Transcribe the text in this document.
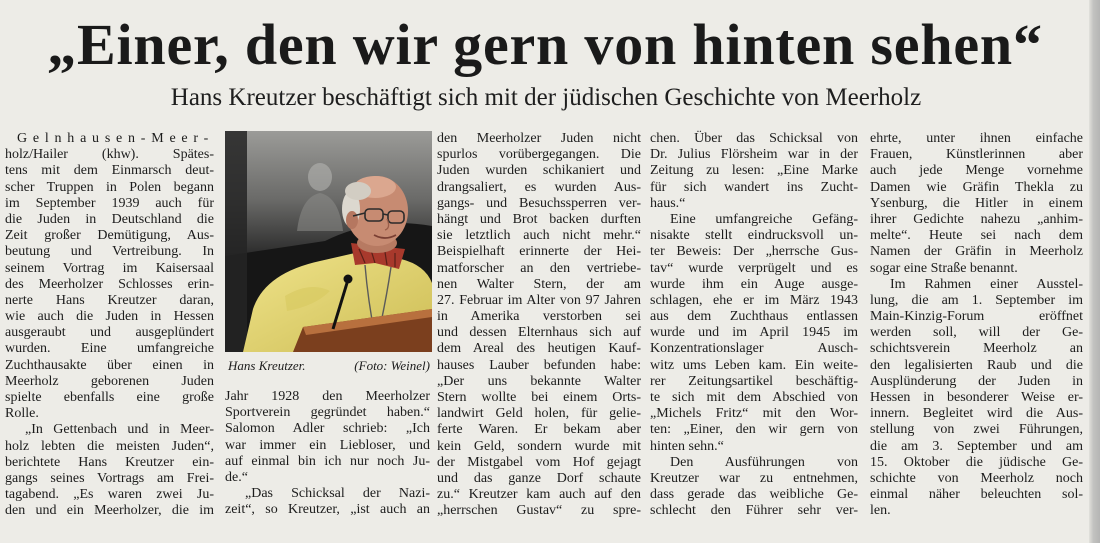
„Einer, den wir gern von hinten sehen“
Hans Kreutzer beschäftigt sich mit der jüdischen Geschichte von Meerholz
Hans Kreutzer.	(Foto: Weinel)
Gelnhausen-Meer-
holz/Hailer (khw). Spätes-
tens mit dem Einmarsch deut-
scher Truppen in Polen begann
im September 1939 auch für
die Juden in Deutschland die
Zeit großer Demütigung, Aus-
beutung und Vertreibung. In
seinem Vortrag im Kaisersaal
des Meerholzer Schlosses erin-
nerte Hans Kreutzer daran,
wie auch die Juden in Hessen
ausgeraubt und ausgeplündert
wurden. Eine umfangreiche
Zuchthausakte über einen in
Meerholz geborenen Juden
spielte ebenfalls eine große
Rolle.
„In Gettenbach und in Meer-
holz lebten die meisten Juden“,
berichtete Hans Kreutzer ein-
gangs seines Vortrags am Frei-
tagabend. „Es waren zwei Ju-
den und ein Meerholzer, die im
Jahr 1928 den Meerholzer
Sportverein gegründet haben.“
Salomon Adler schrieb: „Ich
war immer ein Liebloser, und
auf einmal bin ich nur noch Ju-
de.“
„Das Schicksal der Nazi-
zeit“, so Kreutzer, „ist auch an
den Meerholzer Juden nicht
spurlos vorübergegangen. Die
Juden wurden schikaniert und
drangsaliert, es wurden Aus-
gangs- und Besuchssperren ver-
hängt und Brot backen durften
sie letztlich auch nicht mehr.“
Beispielhaft erinnerte der Hei-
matforscher an den vertriebe-
nen Walter Stern, der am
27. Februar im Alter von 97 Jahren
in Amerika verstorben sei
und dessen Elternhaus sich auf
dem Areal des heutigen Kauf-
hauses Lauber befunden habe:
„Der uns bekannte Walter
Stern wollte bei einem Orts-
landwirt Geld holen, für gelie-
ferte Waren. Er bekam aber
kein Geld, sondern wurde mit
der Mistgabel vom Hof gejagt
und das ganze Dorf schaute
zu.“ Kreutzer kam auch auf den
„herrschen Gustav“ zu spre-
chen. Über das Schicksal von
Dr. Julius Flörsheim war in der
Zeitung zu lesen: „Eine Marke
für sich wandert ins Zucht-
haus.“
Eine umfangreiche Gefäng-
nisakte stellt eindrucksvoll un-
ter Beweis: Der „herrsche Gus-
tav“ wurde verprügelt und es
wurde ihm ein Auge ausge-
schlagen, ehe er im März 1943
aus dem Zuchthaus entlassen
wurde und im April 1945 im
Konzentrationslager Ausch-
witz ums Leben kam. Ein weite-
rer Zeitungsartikel beschäftig-
te sich mit dem Abschied von
„Michels Fritz“ mit den Wor-
ten: „Einer, den wir gern von
hinten sehn.“
Den Ausführungen von
Kreutzer war zu entnehmen,
dass gerade das weibliche Ge-
schlecht den Führer sehr ver-
ehrte, unter ihnen einfache
Frauen, Künstlerinnen aber
auch jede Menge vornehme
Damen wie Gräfin Thekla zu
Ysenburg, die Hitler in einem
ihrer Gedichte nahezu „anhim-
melte“. Heute sei nach dem
Namen der Gräfin in Meerholz
sogar eine Straße benannt.
Im Rahmen einer Ausstel-
lung, die am 1. September im
Main-Kinzig-Forum eröffnet
werden soll, will der Ge-
schichtsverein Meerholz an
den legalisierten Raub und die
Ausplünderung der Juden in
Hessen in besonderer Weise er-
innern. Begleitet wird die Aus-
stellung von zwei Führungen,
die am 3. September und am
15. Oktober die jüdische Ge-
schichte von Meerholz noch
einmal näher beleuchten sol-
len.
